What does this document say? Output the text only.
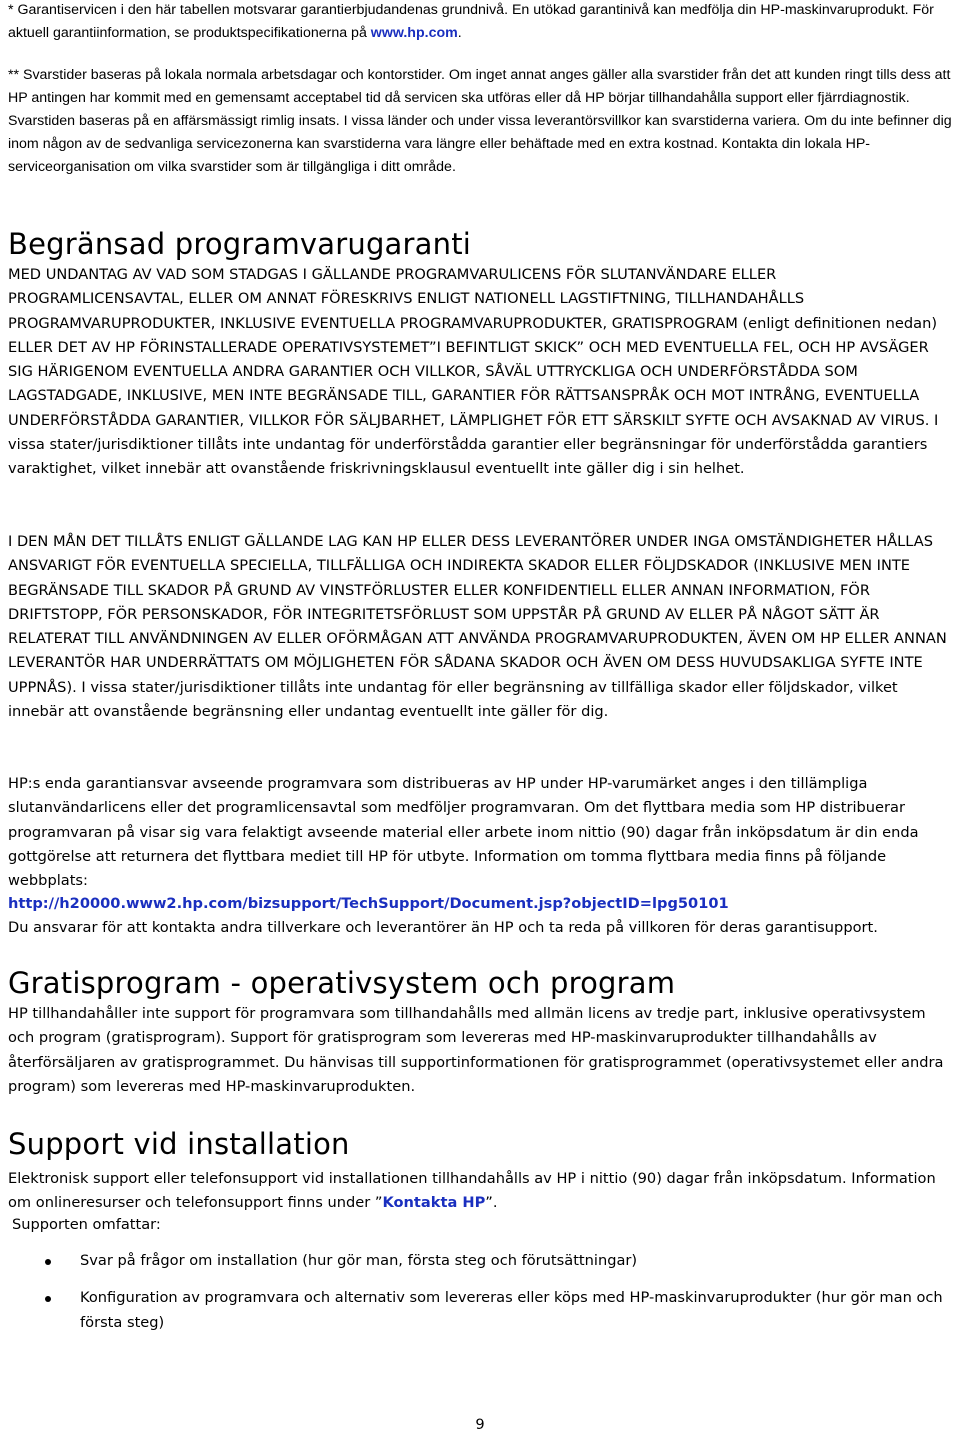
* Garantiservicen i den här tabellen motsvarar garantierbjudandenas grundnivå. En utökad garantinivå kan medfölja din HP-maskinvaruprodukt. För aktuell garantiinformation, se produktspecifikationerna på www.hp.com.

** Svarstider baseras på lokala normala arbetsdagar och kontorstider. Om inget annat anges gäller alla svarstider från det att kunden ringt tills dess att HP antingen har kommit med en gemensamt acceptabel tid då servicen ska utföras eller då HP börjar tillhandahålla support eller fjärrdiagnostik. Svarstiden baseras på en affärsmässigt rimlig insats. I vissa länder och under vissa leverantörsvillkor kan svarstiderna variera. Om du inte befinner dig inom någon av de sedvanliga servicezonerna kan svarstiderna vara längre eller behäftade med en extra kostnad. Kontakta din lokala HP-serviceorganisation om vilka svarstider som är tillgängliga i ditt område.

Begränsad programvarugaranti

MED UNDANTAG AV VAD SOM STADGAS I GÄLLANDE PROGRAMVARULICENS FÖR SLUTANVÄNDARE ELLER PROGRAMLICENSAVTAL, ELLER OM ANNAT FÖRESKRIVS ENLIGT NATIONELL LAGSTIFTNING, TILLHANDAHÅLLS PROGRAMVARUPRODUKTER, INKLUSIVE EVENTUELLA PROGRAMVARUPRODUKTER, GRATISPROGRAM (enligt definitionen nedan) ELLER DET AV HP FÖRINSTALLERADE OPERATIVSYSTEMET”I BEFINTLIGT SKICK” OCH MED EVENTUELLA FEL, OCH HP AVSÄGER SIG HÄRIGENOM EVENTUELLA ANDRA GARANTIER OCH VILLKOR, SÅVÄL UTTRYCKLIGA OCH UNDERFÖRSTÅDDA SOM LAGSTADGADE, INKLUSIVE, MEN INTE BEGRÄNSADE TILL, GARANTIER FÖR RÄTTSANSPRÅK OCH MOT INTRÅNG, EVENTUELLA UNDERFÖRSTÅDDA GARANTIER, VILLKOR FÖR SÄLJBARHET, LÄMPLIGHET FÖR ETT SÄRSKILT SYFTE OCH AVSAKNAD AV VIRUS. I vissa stater/jurisdiktioner tillåts inte undantag för underförstådda garantier eller begränsningar för underförstådda garantiers varaktighet, vilket innebär att ovanstående friskrivningsklausul eventuellt inte gäller dig i sin helhet.

I DEN MÅN DET TILLÅTS ENLIGT GÄLLANDE LAG KAN HP ELLER DESS LEVERANTÖRER UNDER INGA OMSTÄNDIGHETER HÅLLAS ANSVARIGT FÖR EVENTUELLA SPECIELLA, TILLFÄLLIGA OCH INDIREKTA SKADOR ELLER FÖLJDSKADOR (INKLUSIVE MEN INTE BEGRÄNSADE TILL SKADOR PÅ GRUND AV VINSTFÖRLUSTER ELLER KONFIDENTIELL ELLER ANNAN INFORMATION, FÖR DRIFTSTOPP, FÖR PERSONSKADOR, FÖR INTEGRITETSFÖRLUST SOM UPPSTÅR PÅ GRUND AV ELLER PÅ NÅGOT SÄTT ÄR RELATERAT TILL ANVÄNDNINGEN AV ELLER OFÖRMÅGAN ATT ANVÄNDA PROGRAMVARUPRODUKTEN, ÄVEN OM HP ELLER ANNAN LEVERANTÖR HAR UNDERRÄTTATS OM MÖJLIGHETEN FÖR SÅDANA SKADOR OCH ÄVEN OM DESS HUVUDSAKLIGA SYFTE INTE UPPNÅS). I vissa stater/jurisdiktioner tillåts inte undantag för eller begränsning av tillfälliga skador eller följdskador, vilket innebär att ovanstående begränsning eller undantag eventuellt inte gäller för dig.

HP:s enda garantiansvar avseende programvara som distribueras av HP under HP-varumärket anges i den tillämpliga slutanvändarlicens eller det programlicensavtal som medföljer programvaran. Om det flyttbara media som HP distribuerar programvaran på visar sig vara felaktigt avseende material eller arbete inom nittio (90) dagar från inköpsdatum är din enda gottgörelse att returnera det flyttbara mediet till HP för utbyte. Information om tomma flyttbara media finns på följande webbplats:

http://h20000.www2.hp.com/bizsupport/TechSupport/Document.jsp?objectID=lpg50101

Du ansvarar för att kontakta andra tillverkare och leverantörer än HP och ta reda på villkoren för deras garantisupport.

Gratisprogram - operativsystem och program

HP tillhandahåller inte support för programvara som tillhandahålls med allmän licens av tredje part, inklusive operativsystem och program (gratisprogram). Support för gratisprogram som levereras med HP-maskinvaruprodukter tillhandahålls av återförsäljaren av gratisprogrammet. Du hänvisas till supportinformationen för gratisprogrammet (operativsystemet eller andra program) som levereras med HP-maskinvaruprodukten.

Support vid installation

Elektronisk support eller telefonsupport vid installationen tillhandahålls av HP i nittio (90) dagar från inköpsdatum. Information om onlineresurser och telefonsupport finns under ”Kontakta HP”.

Supporten omfattar:

Svar på frågor om installation (hur gör man, första steg och förutsättningar)
Konfiguration av programvara och alternativ som levereras eller köps med HP-maskinvaruprodukter (hur gör man och första steg)
9
